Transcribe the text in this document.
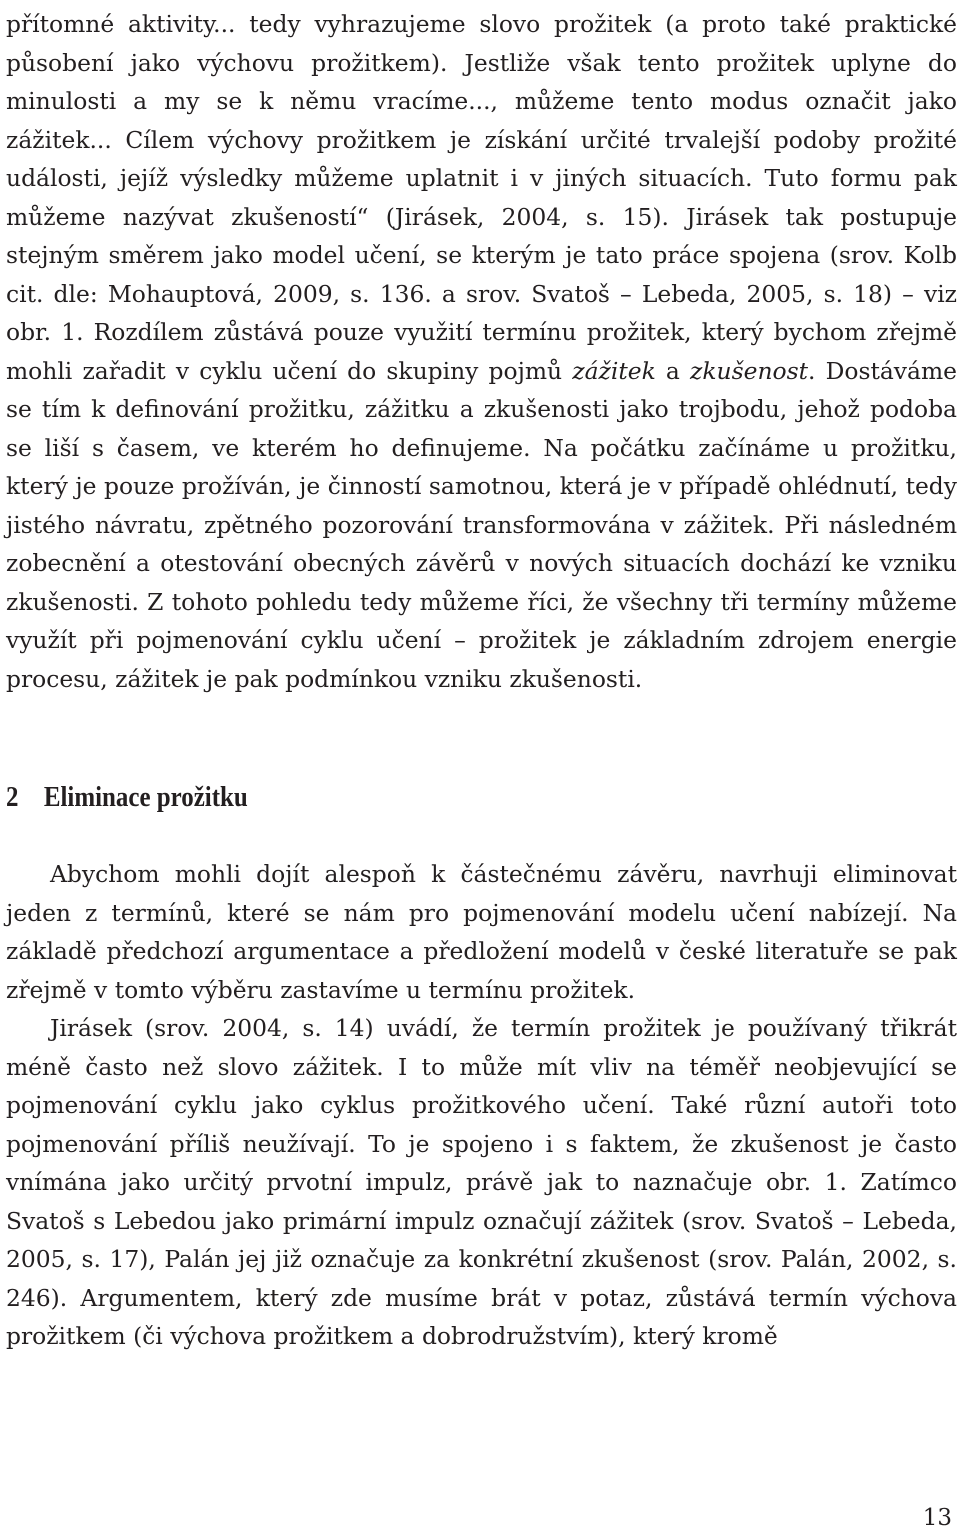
přítomné aktivity... tedy vyhrazujeme slovo prožitek (a proto také praktické působení jako výchovu prožitkem). Jestliže však tento prožitek uplyne do minulosti a my se k němu vracíme..., můžeme tento modus označit jako zážitek... Cílem výchovy prožitkem je získání určité trvalejší podoby prožité události, jejíž výsledky můžeme uplatnit i v jiných situacích. Tuto formu pak můžeme nazývat zkušeností“ (Jirásek, 2004, s. 15). Jirásek tak postupuje stejným směrem jako model učení, se kterým je tato práce spojena (srov. Kolb cit. dle: Mohauptová, 2009, s. 136. a srov. Svatoš – Lebeda, 2005, s. 18) – viz obr. 1. Rozdílem zůstává pouze využití termínu prožitek, který bychom zřejmě mohli zařadit v cyklu učení do skupiny pojmů zážitek a zkušenost. Dostáváme se tím k definování prožitku, zážitku a zkušenosti jako trojbodu, jehož podoba se liší s časem, ve kterém ho definujeme. Na počátku začínáme u prožitku, který je pouze prožíván, je činností samotnou, která je v případě ohlédnutí, tedy jistého návratu, zpětného pozorování transformována v zážitek. Při následném zobecnění a otestování obecných závěrů v nových situacích dochází ke vzniku zkušenosti. Z tohoto pohledu tedy můžeme říci, že všechny tři termíny můžeme využít při pojmenování cyklu učení – prožitek je základním zdrojem energie procesu, zážitek je pak podmínkou vzniku zkušenosti.

2 Eliminace prožitku

Abychom mohli dojít alespoň k částečnému závěru, navrhuji eliminovat jeden z termínů, které se nám pro pojmenování modelu učení nabízejí. Na základě předchozí argumentace a předložení modelů v české literatuře se pak zřejmě v tomto výběru zastavíme u termínu prožitek.

Jirásek (srov. 2004, s. 14) uvádí, že termín prožitek je používaný třikrát méně často než slovo zážitek. I to může mít vliv na téměř neobjevující se pojmenování cyklu jako cyklus prožitkového učení. Také různí autoři toto pojmenování příliš neužívají. To je spojeno i s faktem, že zkušenost je často vnímána jako určitý prvotní impulz, právě jak to naznačuje obr. 1. Zatímco Svatoš s Lebedou jako primární impulz označují zážitek (srov. Svatoš – Lebeda, 2005, s. 17), Palán jej již označuje za konkrétní zkušenost (srov. Palán, 2002, s. 246). Argumentem, který zde musíme brát v potaz, zůstává termín výchova prožitkem (či výchova prožitkem a dobrodružstvím), který kromě

13
